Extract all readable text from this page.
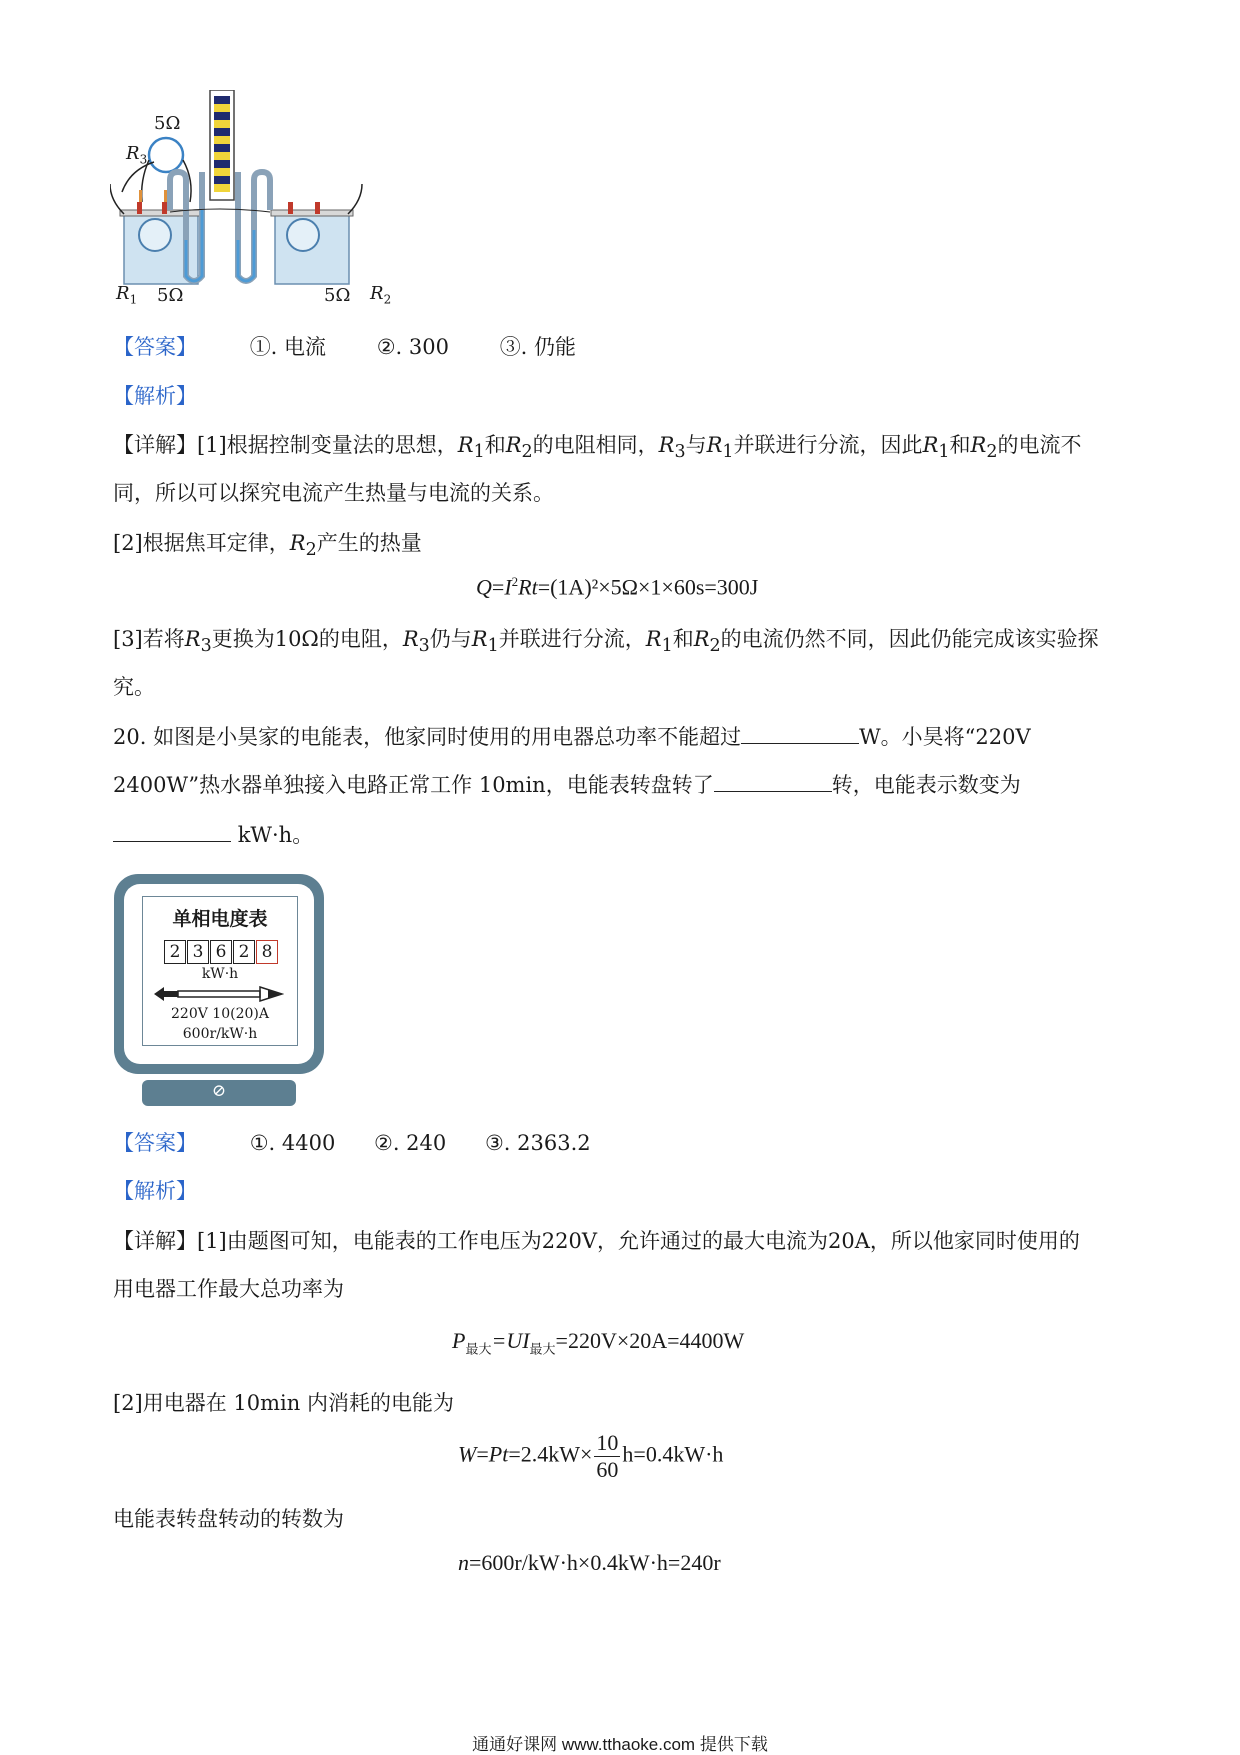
5Ω
$R_3$
$R_1$ 5Ω	5Ω $R_2$
【答案】	①. 电流 ②. 300 ③. 仍能
【解析】
【详解】[1]根据控制变量法的思想，$R_1$和$R_2$的电阻相同，$R_3$与$R_1$并联进行分流，因此$R_1$和$R_2$的电流不
同，所以可以探究电流产生热量与电流的关系。
[2]根据焦耳定律，$R_2$产生的热量
$Q=I^2Rt=(1A)^2\times 5\Omega\times 1\times 60s=300J$
[3]若将$R_3$更换为10Ω的电阻，$R_3$仍与$R_1$并联进行分流，$R_1$和$R_2$的电流仍然不同，因此仍能完成该实验探
究。
20. 如图是小昊家的电能表，他家同时使用的用电器总功率不能超过	W。小昊将“220V
2400W”热水器单独接入电路正常工作 10min，电能表转盘转了	转，电能表示数变为
kW·h。
单相电度表
2 3 6 2 8
kW·h
220V 10(20)A
600r/kW·h
⊘
【答案】	①. 4400 ②. 240 ③. 2363.2
【解析】
【详解】[1]由题图可知，电能表的工作电压为220V，允许通过的最大电流为20A，所以他家同时使用的
用电器工作最大总功率为
$P_{最大}=UI_{最大}=220V\times 20A=4400W$
[2]用电器在 10min 内消耗的电能为
$W=Pt=2.4kW\times \frac{10}{60} h=0.4kW\cdot h$
电能表转盘转动的转数为
n=600r/kW·h×0.4kW·h=240r
通通好课网 www.tthaoke.com 提供下载
